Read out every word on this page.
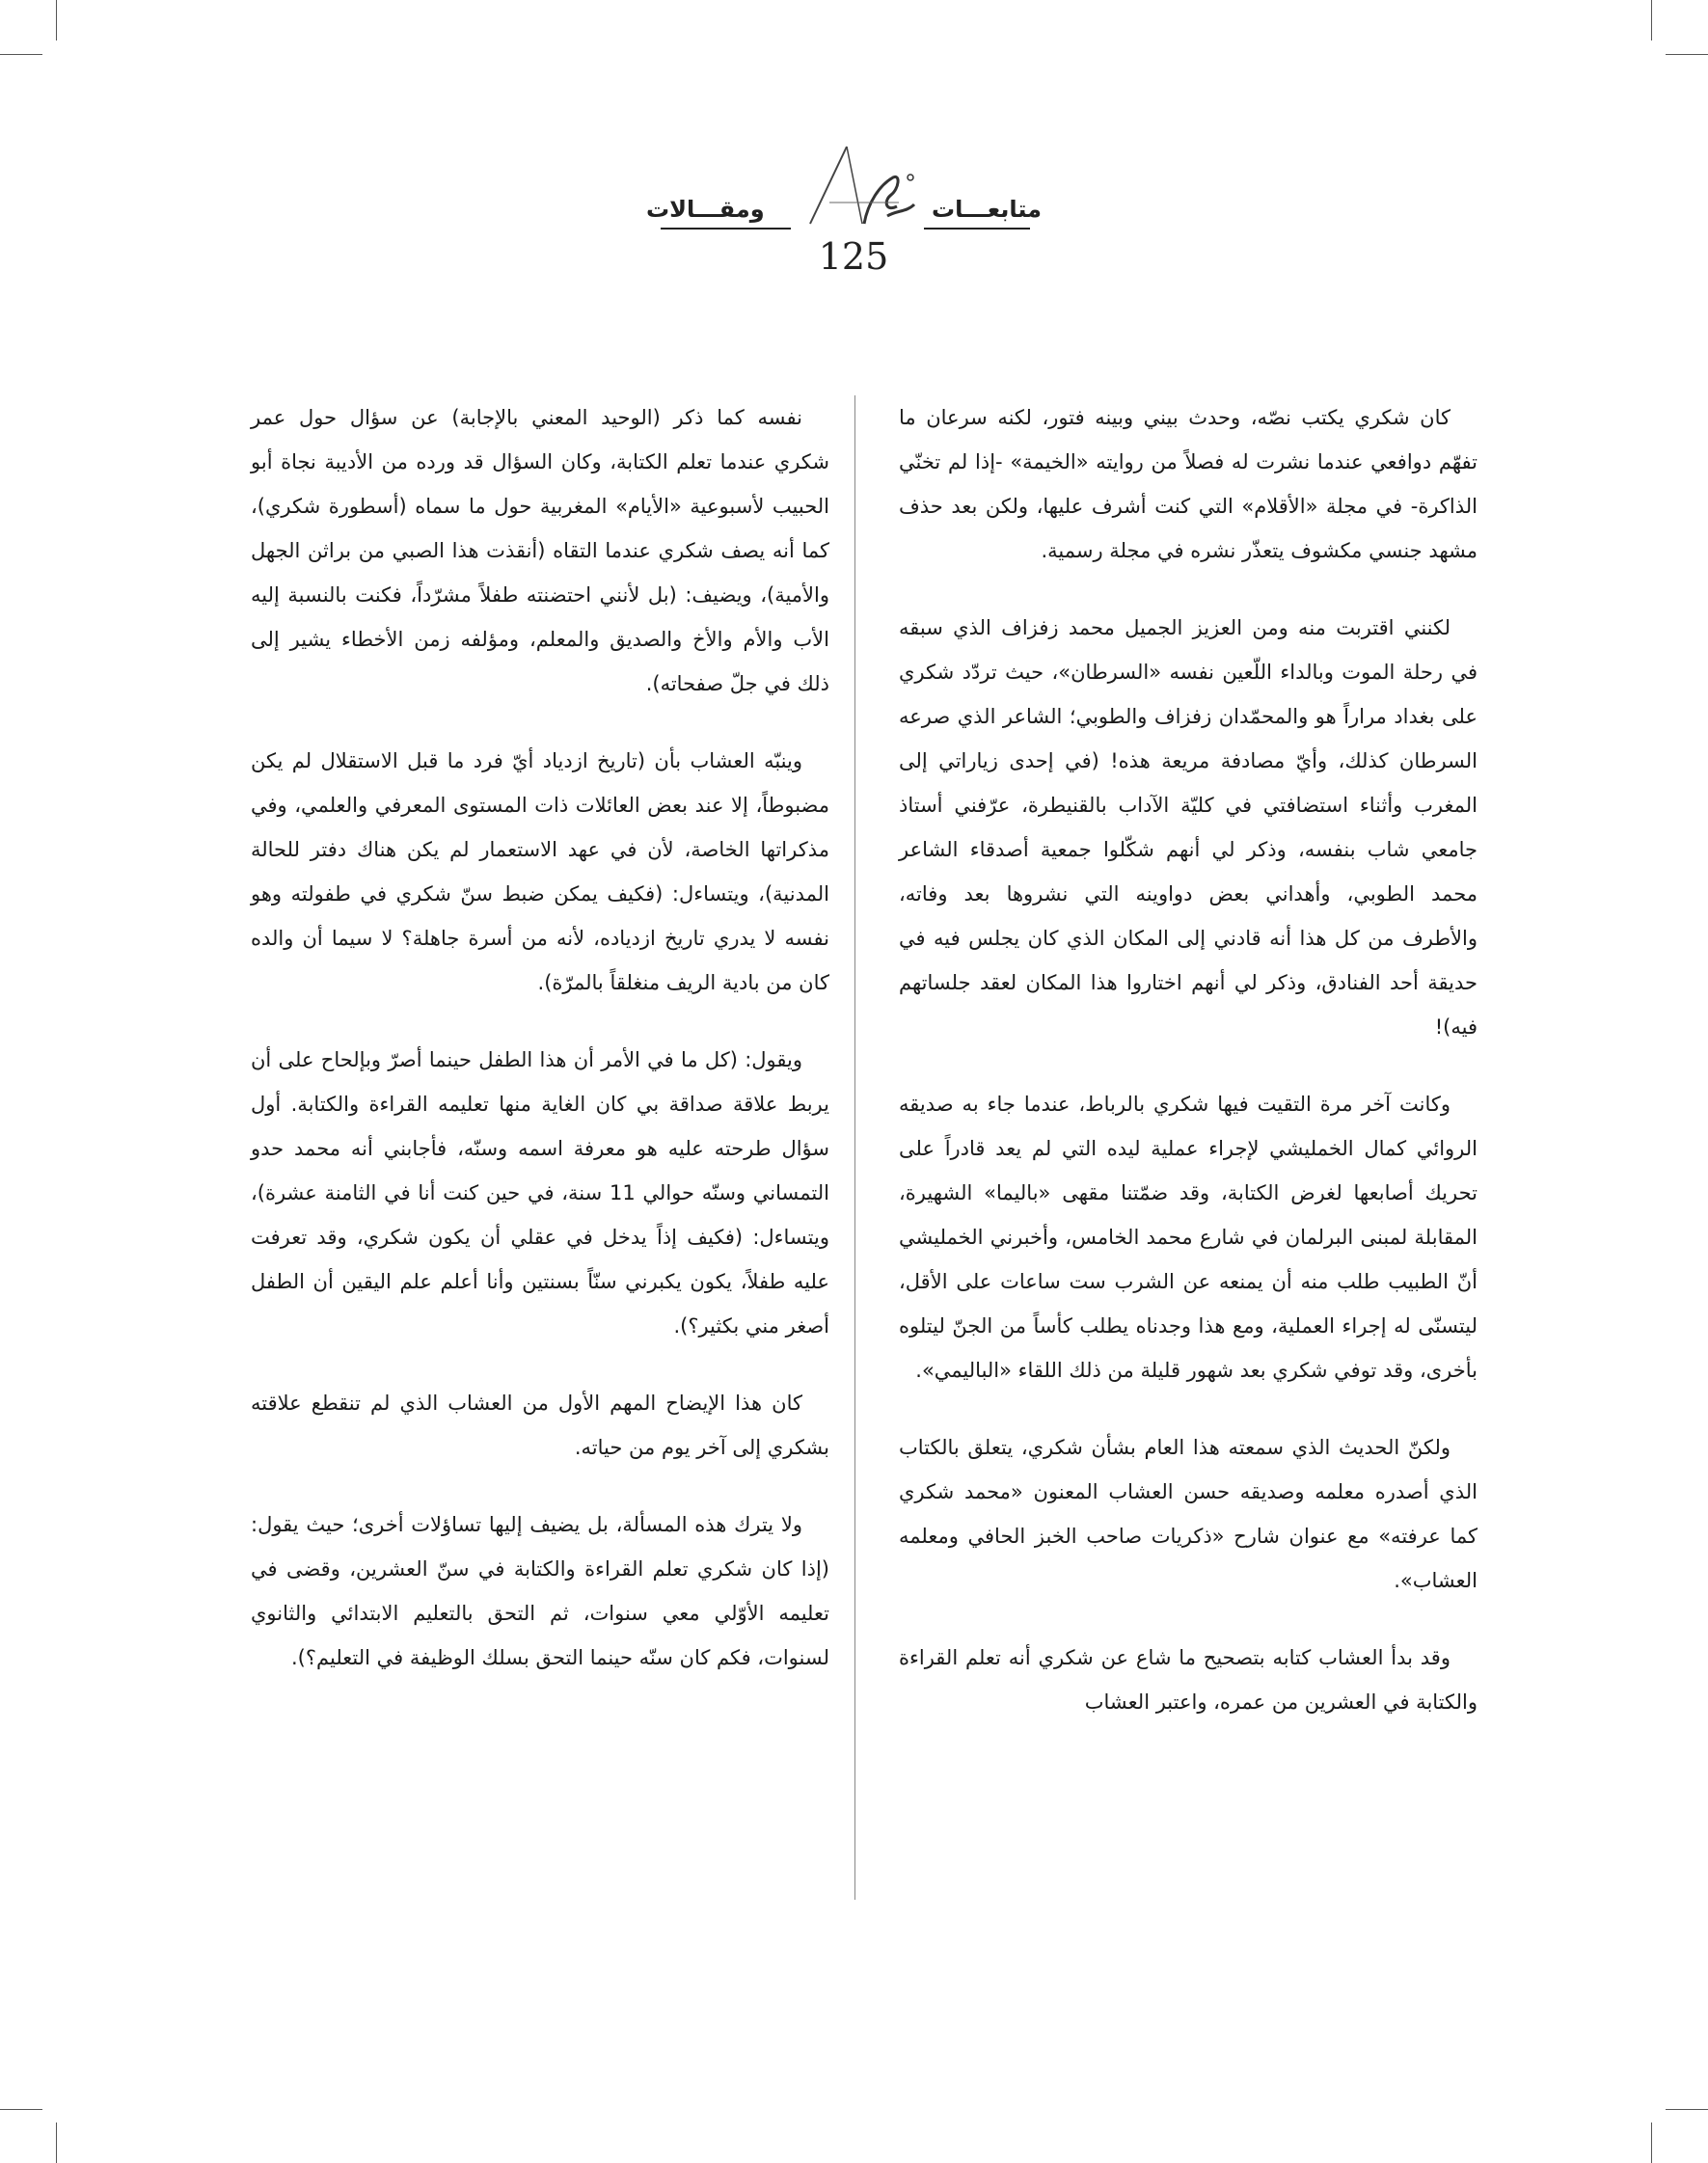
متابعـــات
ومقـــالات
125

كان شكري يكتب نصّه، وحدث بيني وبينه فتور، لكنه سرعان ما تفهّم دوافعي عندما نشرت له فصلاً من روايته «الخيمة» -إذا لم تخنّي الذاكرة- في مجلة «الأقلام» التي كنت أشرف عليها، ولكن بعد حذف مشهد جنسي مكشوف يتعذّر نشره في مجلة رسمية.

لكنني اقتربت منه ومن العزيز الجميل محمد زفزاف الذي سبقه في رحلة الموت وبالداء اللّعين نفسه «السرطان»، حيث تردّد شكري على بغداد مراراً هو والمحمّدان زفزاف والطوبي؛ الشاعر الذي صرعه السرطان كذلك، وأيّ مصادفة مريعة هذه! (في إحدى زياراتي إلى المغرب وأثناء استضافتي في كليّة الآداب بالقنيطرة، عرّفني أستاذ جامعي شاب بنفسه، وذكر لي أنهم شكّلوا جمعية أصدقاء الشاعر محمد الطوبي، وأهداني بعض دواوينه التي نشروها بعد وفاته، والأطرف من كل هذا أنه قادني إلى المكان الذي كان يجلس فيه في حديقة أحد الفنادق، وذكر لي أنهم اختاروا هذا المكان لعقد جلساتهم فيه)!

وكانت آخر مرة التقيت فيها شكري بالرباط، عندما جاء به صديقه الروائي كمال الخمليشي لإجراء عملية ليده التي لم يعد قادراً على تحريك أصابعها لغرض الكتابة، وقد ضمّتنا مقهى «باليما» الشهيرة، المقابلة لمبنى البرلمان في شارع محمد الخامس، وأخبرني الخمليشي أنّ الطبيب طلب منه أن يمنعه عن الشرب ست ساعات على الأقل، ليتسنّى له إجراء العملية، ومع هذا وجدناه يطلب كأساً من الجنّ ليتلوه بأخرى، وقد توفي شكري بعد شهور قليلة من ذلك اللقاء «الباليمي».

ولكنّ الحديث الذي سمعته هذا العام بشأن شكري، يتعلق بالكتاب الذي أصدره معلمه وصديقه حسن العشاب المعنون «محمد شكري كما عرفته» مع عنوان شارح «ذكريات صاحب الخبز الحافي ومعلمه العشاب».

وقد بدأ العشاب كتابه بتصحيح ما شاع عن شكري أنه تعلم القراءة والكتابة في العشرين من عمره، واعتبر العشاب

نفسه كما ذكر (الوحيد المعني بالإجابة) عن سؤال حول عمر شكري عندما تعلم الكتابة، وكان السؤال قد ورده من الأديبة نجاة أبو الحبيب لأسبوعية «الأيام» المغربية حول ما سماه (أسطورة شكري)، كما أنه يصف شكري عندما التقاه (أنقذت هذا الصبي من براثن الجهل والأمية)، ويضيف: (بل لأنني احتضنته طفلاً مشرّداً، فكنت بالنسبة إليه الأب والأم والأخ والصديق والمعلم، ومؤلفه زمن الأخطاء يشير إلى ذلك في جلّ صفحاته).

وينبّه العشاب بأن (تاريخ ازدياد أيّ فرد ما قبل الاستقلال لم يكن مضبوطاً، إلا عند بعض العائلات ذات المستوى المعرفي والعلمي، وفي مذكراتها الخاصة، لأن في عهد الاستعمار لم يكن هناك دفتر للحالة المدنية)، ويتساءل: (فكيف يمكن ضبط سنّ شكري في طفولته وهو نفسه لا يدري تاريخ ازدياده، لأنه من أسرة جاهلة؟ لا سيما أن والده كان من بادية الريف منغلقاً بالمرّة).

ويقول: (كل ما في الأمر أن هذا الطفل حينما أصرّ وبإلحاح على أن يربط علاقة صداقة بي كان الغاية منها تعليمه القراءة والكتابة. أول سؤال طرحته عليه هو معرفة اسمه وسنّه، فأجابني أنه محمد حدو التمساني وسنّه حوالي 11 سنة، في حين كنت أنا في الثامنة عشرة)، ويتساءل: (فكيف إذاً يدخل في عقلي أن يكون شكري، وقد تعرفت عليه طفلاً، يكون يكبرني سنّاً بسنتين وأنا أعلم علم اليقين أن الطفل أصغر مني بكثير؟).

كان هذا الإيضاح المهم الأول من العشاب الذي لم تنقطع علاقته بشكري إلى آخر يوم من حياته.

ولا يترك هذه المسألة، بل يضيف إليها تساؤلات أخرى؛ حيث يقول: (إذا كان شكري تعلم القراءة والكتابة في سنّ العشرين، وقضى في تعليمه الأوّلي معي سنوات، ثم التحق بالتعليم الابتدائي والثانوي لسنوات، فكم كان سنّه حينما التحق بسلك الوظيفة في التعليم؟).
